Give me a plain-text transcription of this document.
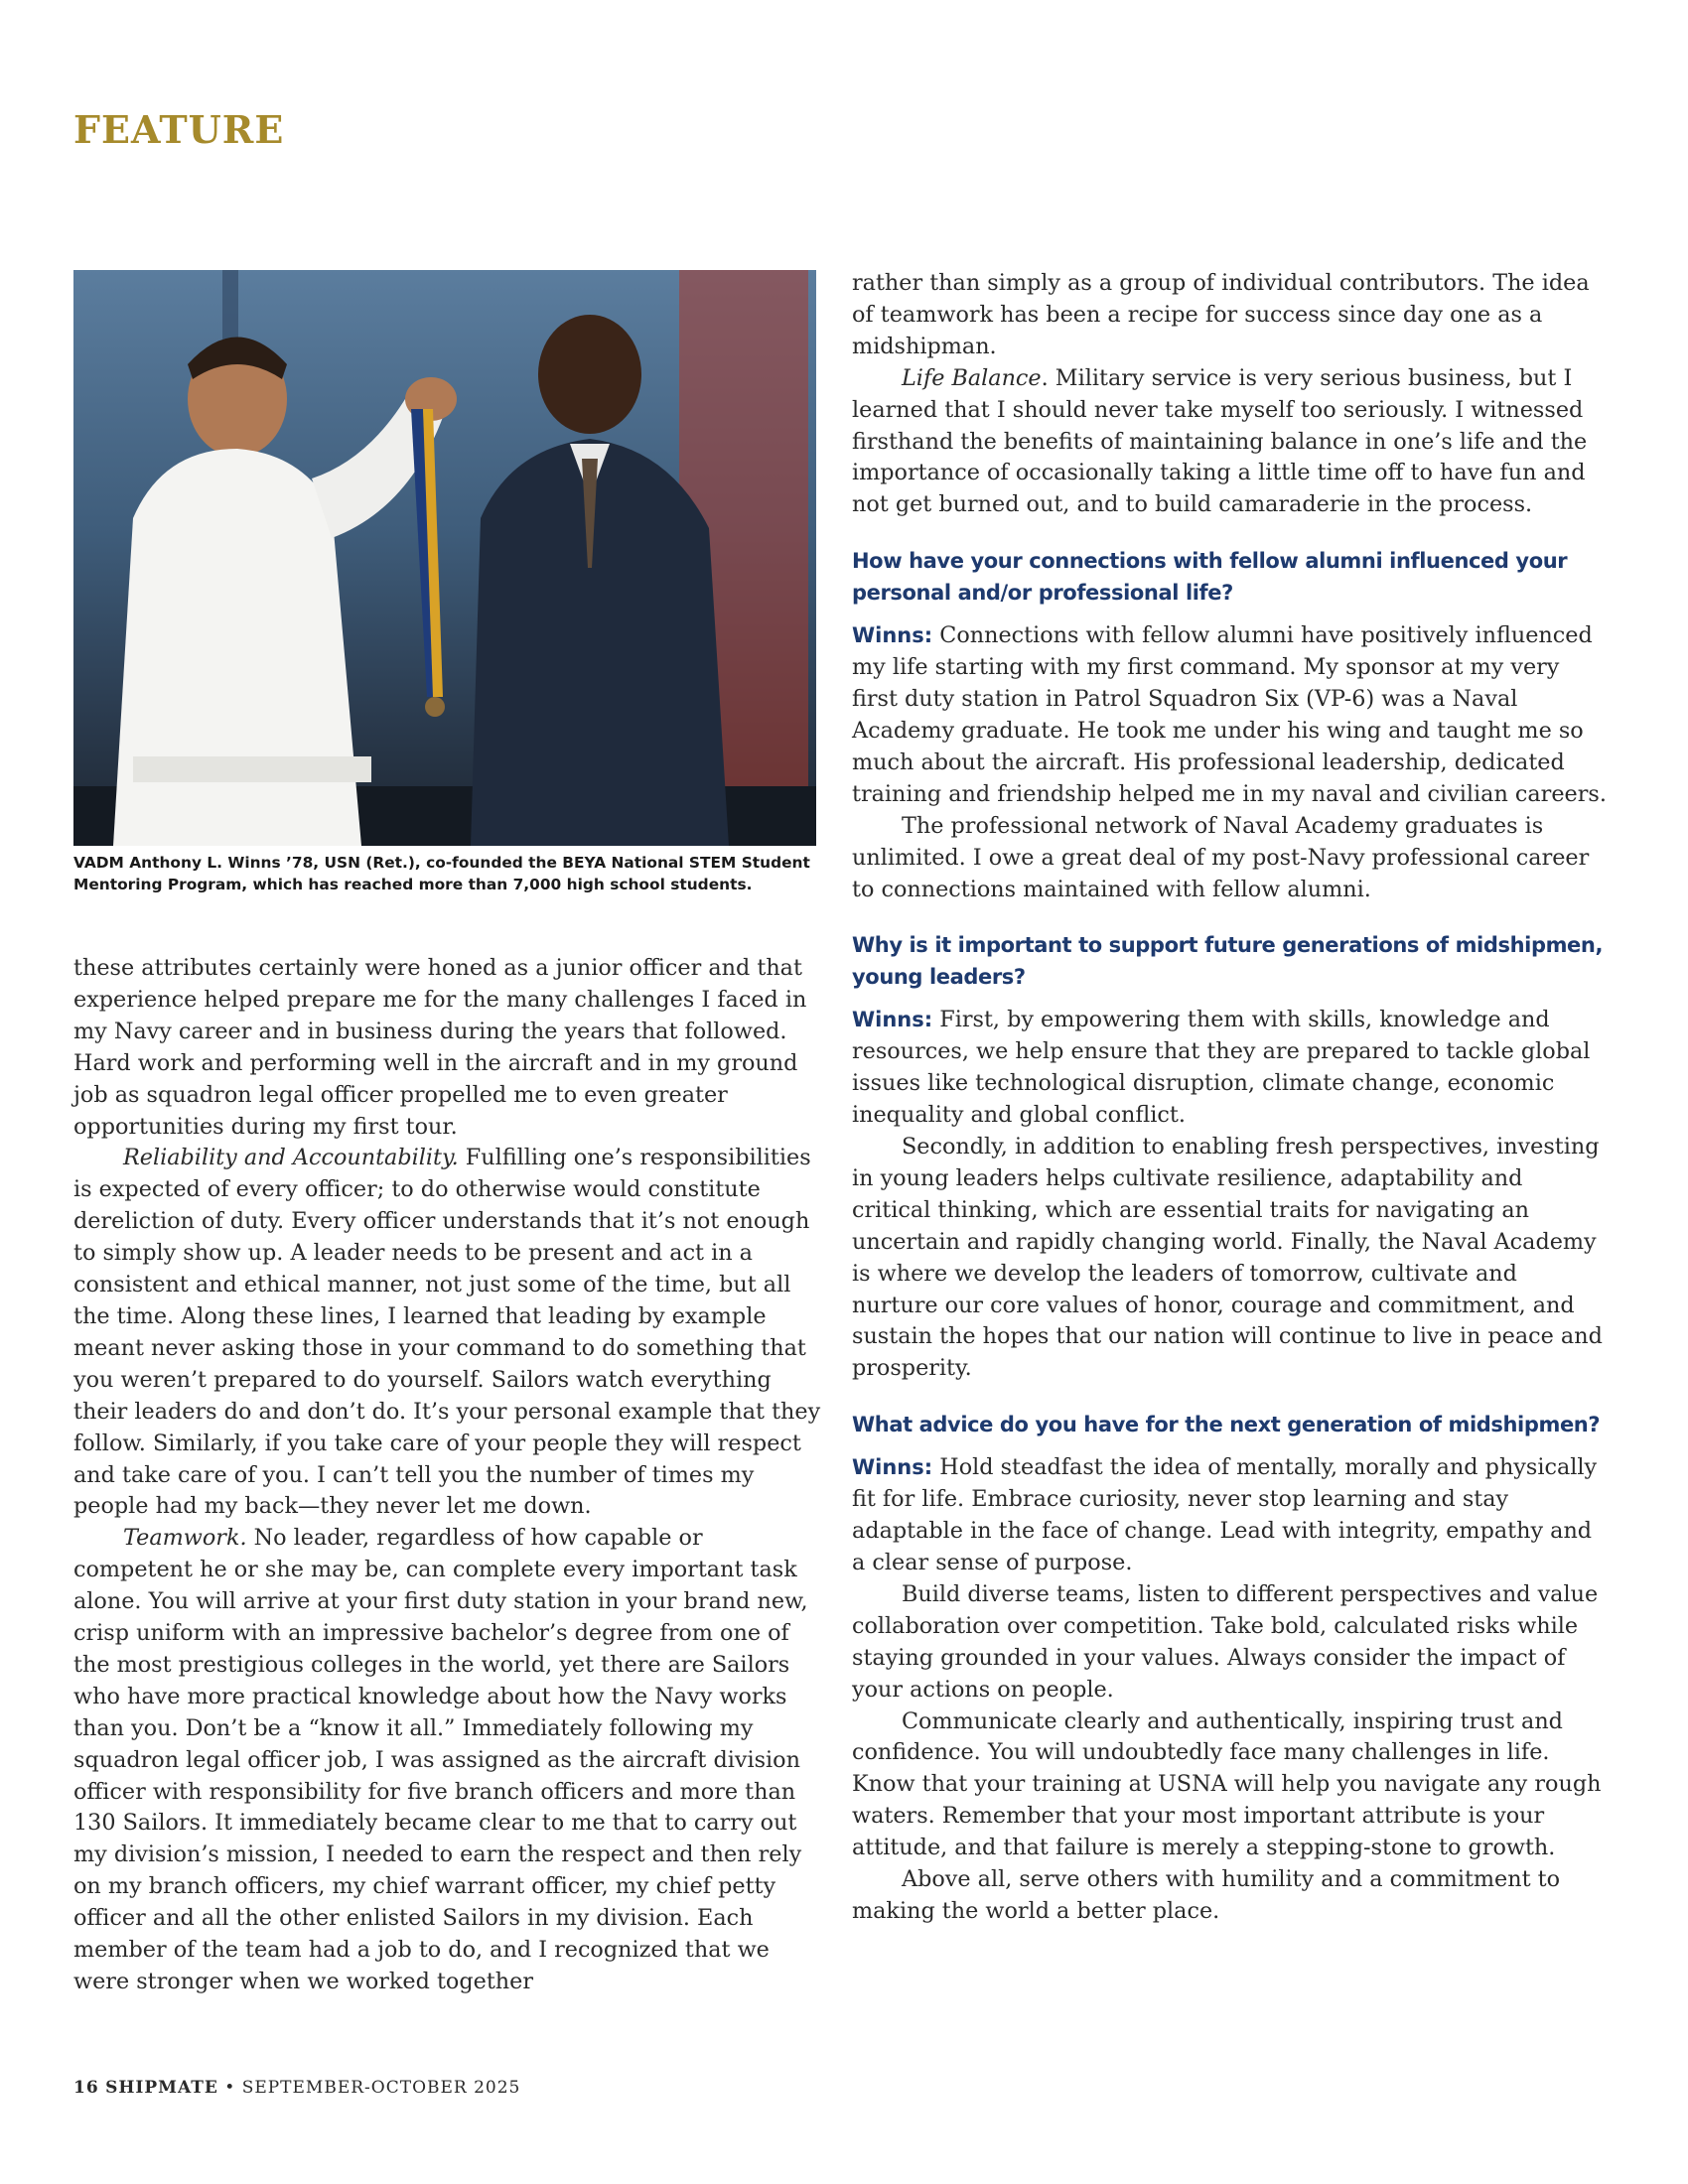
FEATURE

VADM Anthony L. Winns ’78, USN (Ret.), co-founded the BEYA National STEM Student Mentoring Program, which has reached more than 7,000 high school students.

these attributes certainly were honed as a junior officer and that experience helped prepare me for the many challenges I faced in my Navy career and in business during the years that followed. Hard work and performing well in the aircraft and in my ground job as squadron legal officer propelled me to even greater opportunities during my first tour.

Reliability and Accountability. Fulfilling one’s responsibilities is expected of every officer; to do otherwise would constitute dereliction of duty. Every officer understands that it’s not enough to simply show up. A leader needs to be present and act in a consistent and ethical manner, not just some of the time, but all the time. Along these lines, I learned that leading by example meant never asking those in your command to do something that you weren’t prepared to do yourself. Sailors watch everything their leaders do and don’t do. It’s your personal example that they follow. Similarly, if you take care of your people they will respect and take care of you. I can’t tell you the number of times my people had my back—they never let me down.

Teamwork. No leader, regardless of how capable or competent he or she may be, can complete every important task alone. You will arrive at your first duty station in your brand new, crisp uniform with an impressive bachelor’s degree from one of the most prestigious colleges in the world, yet there are Sailors who have more practical knowledge about how the Navy works than you. Don’t be a “know it all.” Immediately following my squadron legal officer job, I was assigned as the aircraft division officer with responsibility for five branch officers and more than 130 Sailors. It immediately became clear to me that to carry out my division’s mission, I needed to earn the respect and then rely on my branch officers, my chief warrant officer, my chief petty officer and all the other enlisted Sailors in my division. Each member of the team had a job to do, and I recognized that we were stronger when we worked together

rather than simply as a group of individual contributors. The idea of teamwork has been a recipe for success since day one as a midshipman.

Life Balance. Military service is very serious business, but I learned that I should never take myself too seriously. I witnessed firsthand the benefits of maintaining balance in one’s life and the importance of occasionally taking a little time off to have fun and not get burned out, and to build camaraderie in the process.

How have your connections with fellow alumni influenced your personal and/or professional life?

Winns: Connections with fellow alumni have positively influenced my life starting with my first command. My sponsor at my very first duty station in Patrol Squadron Six (VP-6) was a Naval Academy graduate. He took me under his wing and taught me so much about the aircraft. His professional leadership, dedicated training and friendship helped me in my naval and civilian careers.

The professional network of Naval Academy graduates is unlimited. I owe a great deal of my post-Navy professional career to connections maintained with fellow alumni.

Why is it important to support future generations of midshipmen, young leaders?

Winns: First, by empowering them with skills, knowledge and resources, we help ensure that they are prepared to tackle global issues like technological disruption, climate change, economic inequality and global conflict.

Secondly, in addition to enabling fresh perspectives, investing in young leaders helps cultivate resilience, adaptability and critical thinking, which are essential traits for navigating an uncertain and rapidly changing world. Finally, the Naval Academy is where we develop the leaders of tomorrow, cultivate and nurture our core values of honor, courage and commitment, and sustain the hopes that our nation will continue to live in peace and prosperity.

What advice do you have for the next generation of midshipmen?

Winns: Hold steadfast the idea of mentally, morally and physically fit for life. Embrace curiosity, never stop learning and stay adaptable in the face of change. Lead with integrity, empathy and a clear sense of purpose.

Build diverse teams, listen to different perspectives and value collaboration over competition. Take bold, calculated risks while staying grounded in your values. Always consider the impact of your actions on people.

Communicate clearly and authentically, inspiring trust and confidence. You will undoubtedly face many challenges in life. Know that your training at USNA will help you navigate any rough waters. Remember that your most important attribute is your attitude, and that failure is merely a stepping-stone to growth.

Above all, serve others with humility and a commitment to making the world a better place.

16 SHIPMATE • SEPTEMBER-OCTOBER 2025
